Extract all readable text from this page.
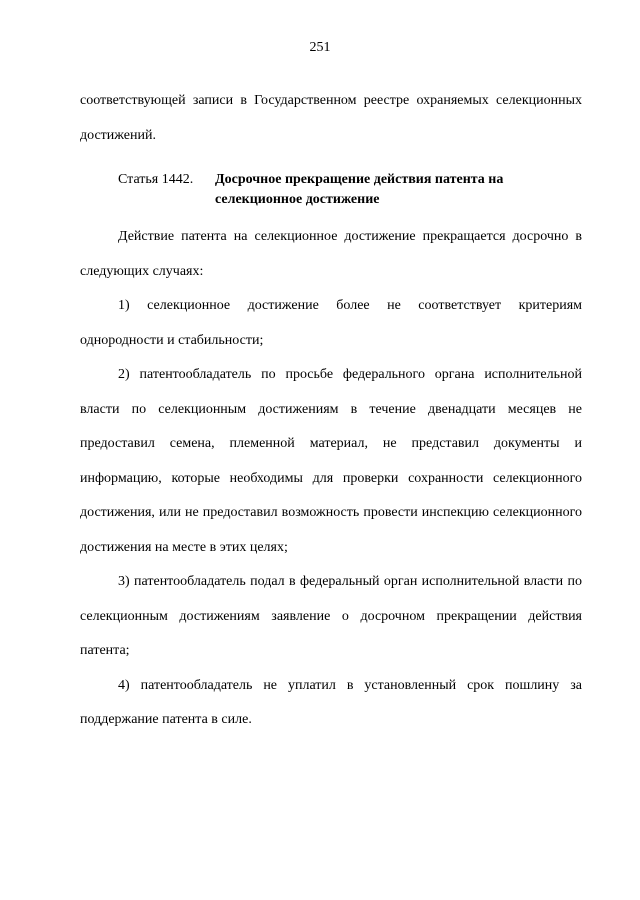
251

соответствующей записи в Государственном реестре охраняемых селекционных достижений.

Статья 1442.	Досрочное прекращение действия патента на селекционное достижение

Действие патента на селекционное достижение прекращается досрочно в следующих случаях:

1) селекционное достижение более не соответствует критериям однородности и стабильности;

2) патентообладатель по просьбе федерального органа исполнительной власти по селекционным достижениям в течение двенадцати месяцев не предоставил семена, племенной материал, не представил документы и информацию, которые необходимы для проверки сохранности селекционного достижения, или не предоставил возможность провести инспекцию селекционного достижения на месте в этих целях;

3) патентообладатель подал в федеральный орган исполнительной власти по селекционным достижениям заявление о досрочном прекращении действия патента;

4) патентообладатель не уплатил в установленный срок пошлину за поддержание патента в силе.
